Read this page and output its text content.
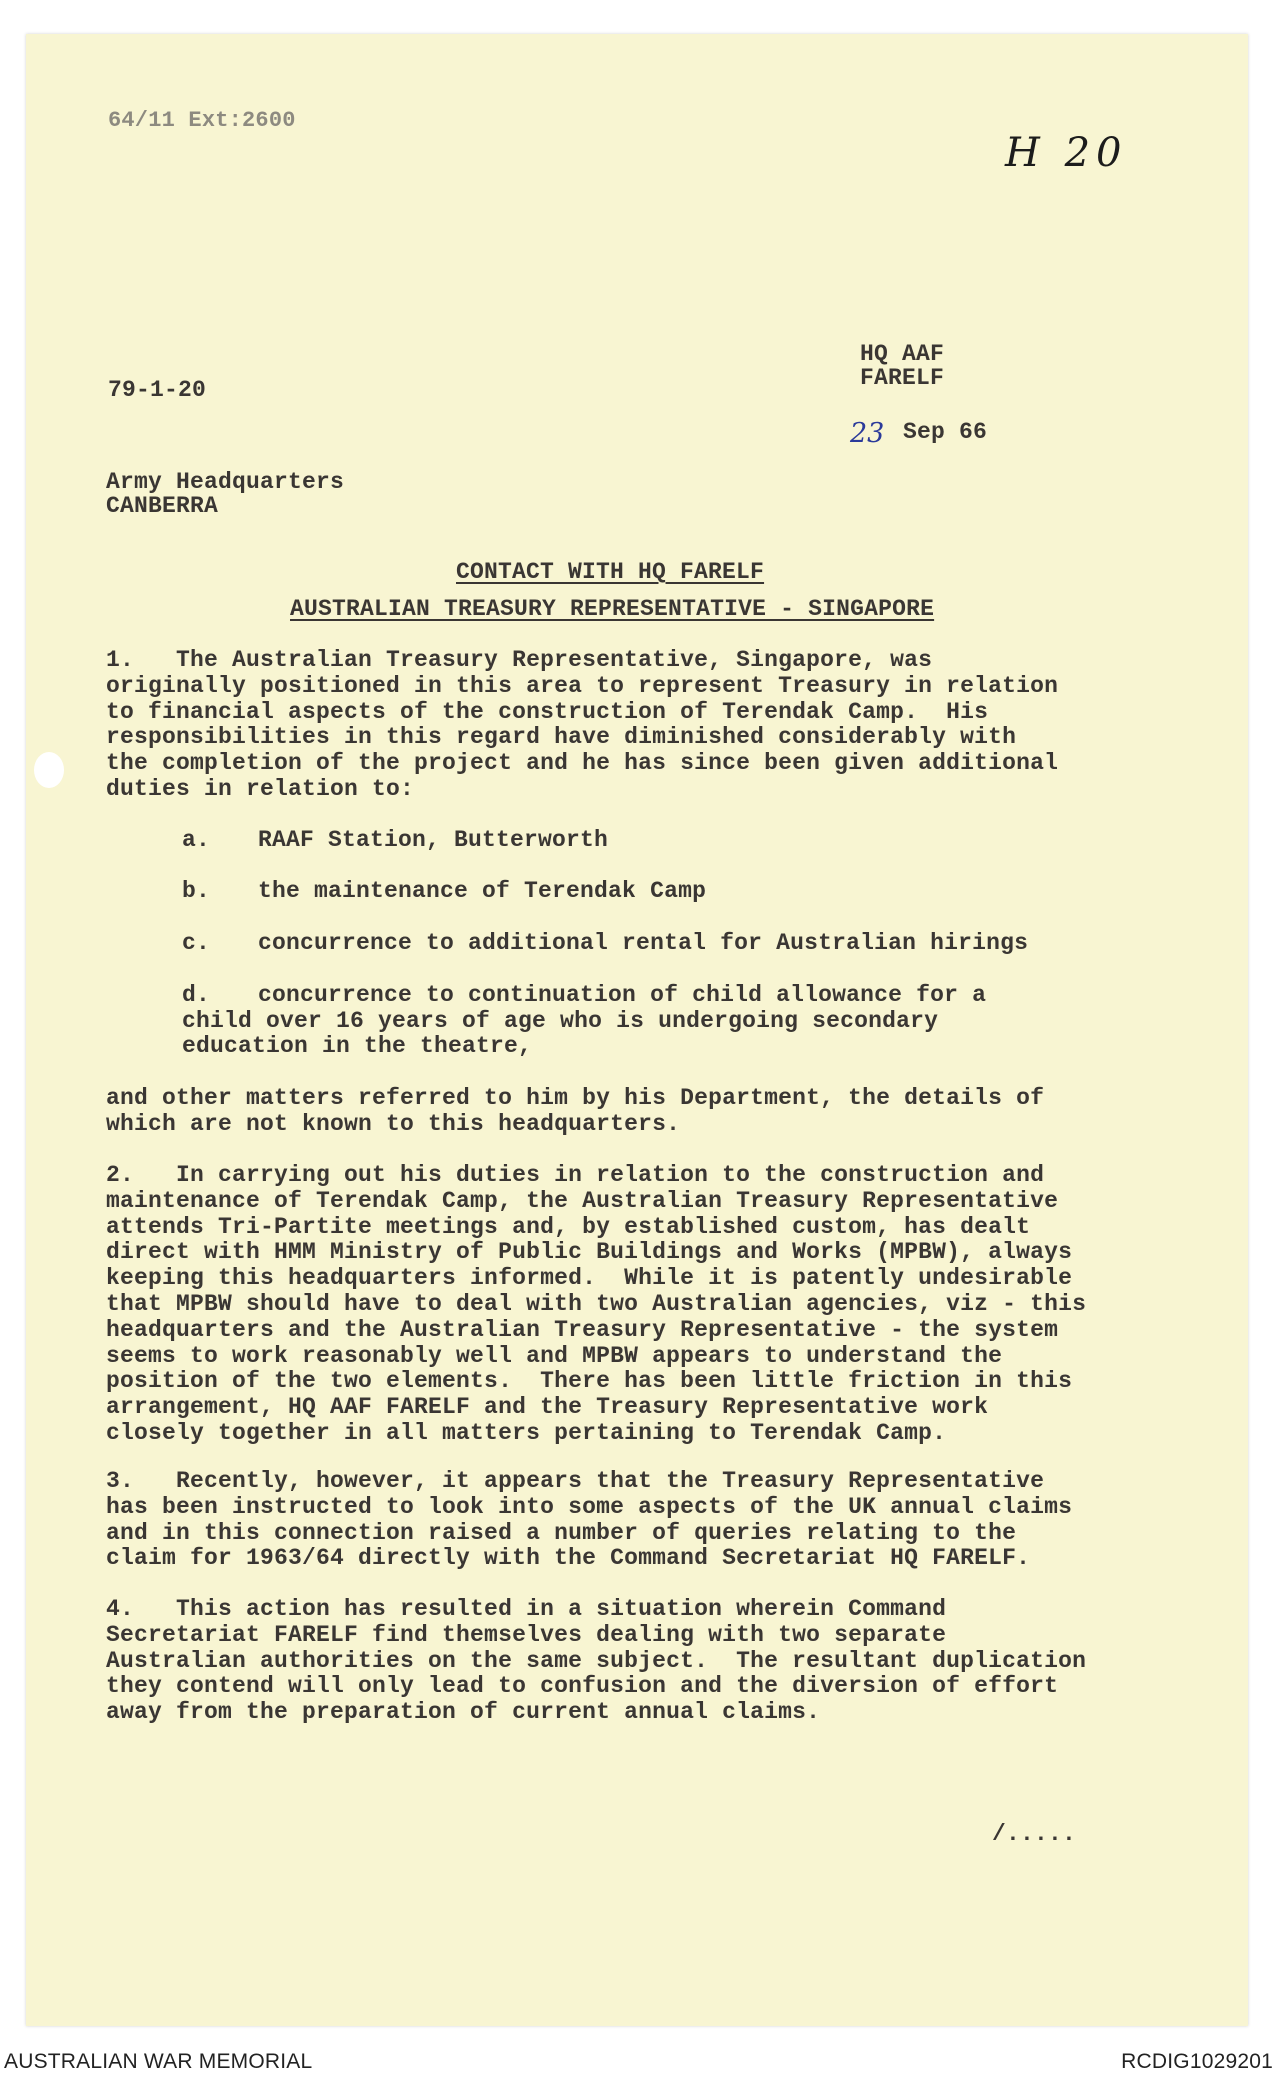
64/11 Ext:2600
H 20
HQ AAF
FARELF
79-1-20
23 Sep 66
Army Headquarters
CANBERRA
CONTACT WITH HQ FARELF
AUSTRALIAN TREASURY REPRESENTATIVE - SINGAPORE
1.   The Australian Treasury Representative, Singapore, was
originally positioned in this area to represent Treasury in relation
to financial aspects of the construction of Terendak Camp.  His
responsibilities in this regard have diminished considerably with
the completion of the project and he has since been given additional
duties in relation to:
a. RAAF Station, Butterworth
b. the maintenance of Terendak Camp
c. concurrence to additional rental for Australian hirings
d. concurrence to continuation of child allowance for a
child over 16 years of age who is undergoing secondary
education in the theatre,
and other matters referred to him by his Department, the details of
which are not known to this headquarters.
2.   In carrying out his duties in relation to the construction and
maintenance of Terendak Camp, the Australian Treasury Representative
attends Tri-Partite meetings and, by established custom, has dealt
direct with HMM Ministry of Public Buildings and Works (MPBW), always
keeping this headquarters informed.  While it is patently undesirable
that MPBW should have to deal with two Australian agencies, viz - this
headquarters and the Australian Treasury Representative - the system
seems to work reasonably well and MPBW appears to understand the
position of the two elements.  There has been little friction in this
arrangement, HQ AAF FARELF and the Treasury Representative work
closely together in all matters pertaining to Terendak Camp.
3.   Recently, however, it appears that the Treasury Representative
has been instructed to look into some aspects of the UK annual claims
and in this connection raised a number of queries relating to the
claim for 1963/64 directly with the Command Secretariat HQ FARELF.
4.   This action has resulted in a situation wherein Command
Secretariat FARELF find themselves dealing with two separate
Australian authorities on the same subject.  The resultant duplication
they contend will only lead to confusion and the diversion of effort
away from the preparation of current annual claims.
/.....
AUSTRALIAN WAR MEMORIAL	RCDIG1029201
